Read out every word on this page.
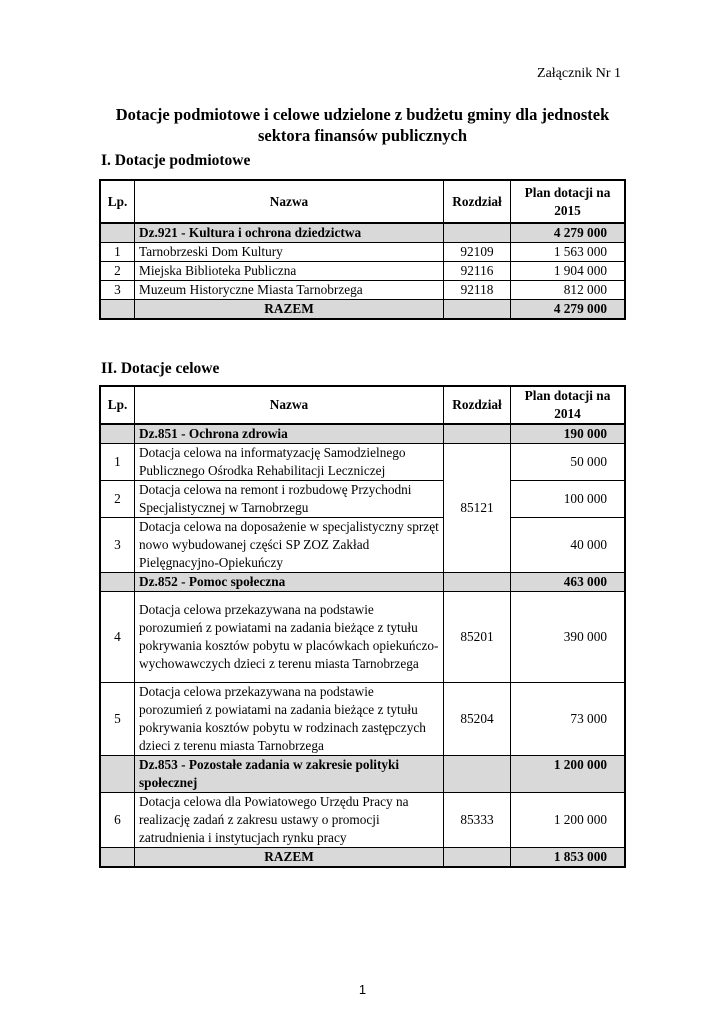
Załącznik Nr 1
Dotacje podmiotowe i celowe udzielone z budżetu gminy dla jednostek
sektora finansów publicznych
I. Dotacje podmiotowe
Lp.	Nazwa	Rozdział	Plan dotacji na
2015

	Dz.921 - Kultura i ochrona dziedzictwa		4 279 000
1	Tarnobrzeski Dom Kultury	92109	1 563 000
2	Miejska Biblioteka Publiczna	92116	1 904 000
3	Muzeum Historyczne Miasta Tarnobrzega	92118	812 000
	RAZEM		4 279 000
II. Dotacje celowe
Lp.	Nazwa	Rozdział	Plan dotacji na
2014

	Dz.851 - Ochrona zdrowia		190 000
1	Dotacja celowa na informatyzację Samodzielnego Publicznego Ośrodka Rehabilitacji Leczniczej	85121	50 000
2	Dotacja celowa na remont i rozbudowę Przychodni Specjalistycznej w Tarnobrzegu		100 000
3	Dotacja celowa na doposażenie w specjalistyczny sprzęt nowo wybudowanej części SP ZOZ Zakład Pielęgnacyjno-Opiekuńczy		40 000
	Dz.852 - Pomoc społeczna		463 000
4	Dotacja celowa przekazywana na podstawie porozumień z powiatami na zadania bieżące z tytułu pokrywania kosztów pobytu w placówkach opiekuńczo-wychowawczych dzieci z terenu miasta Tarnobrzega	85201	390 000
5	Dotacja celowa przekazywana na podstawie porozumień z powiatami na zadania bieżące z tytułu pokrywania kosztów pobytu w rodzinach zastępczych dzieci z terenu miasta Tarnobrzega	85204	73 000
	Dz.853 - Pozostałe zadania w zakresie polityki społecznej		1 200 000
6	Dotacja celowa dla Powiatowego Urzędu Pracy na realizację zadań z zakresu ustawy o promocji zatrudnienia i instytucjach rynku pracy	85333	1 200 000
	RAZEM		1 853 000
1
